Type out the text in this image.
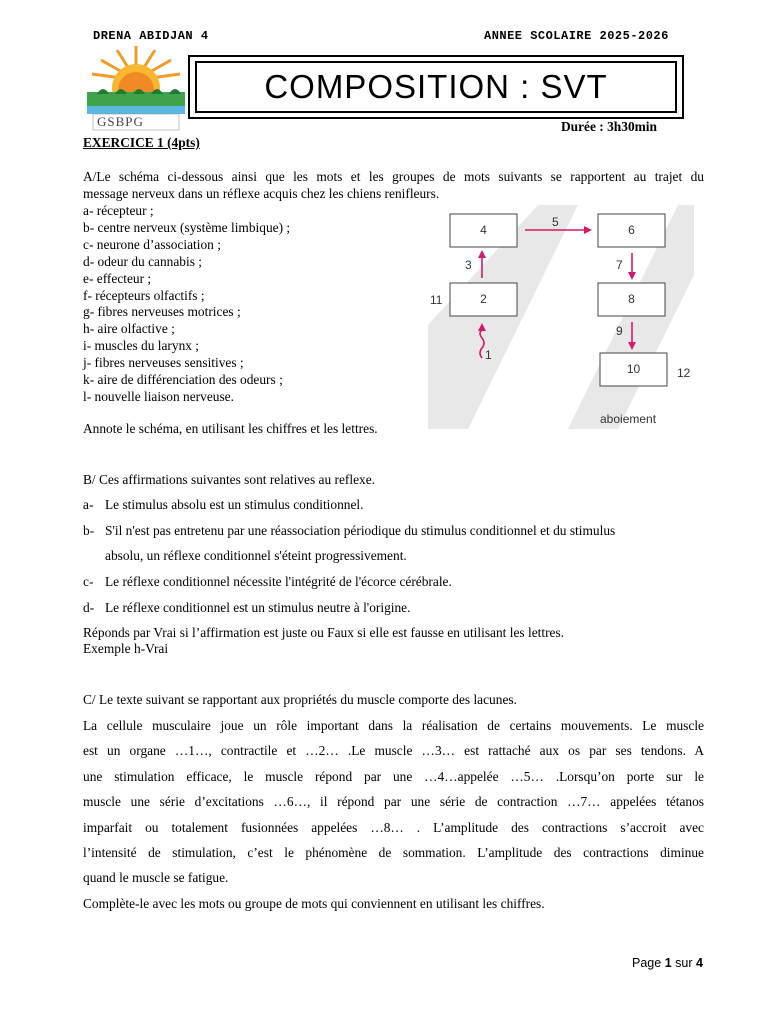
DRENA ABIDJAN 4	ANNEE SCOLAIRE 2025-2026
GSBPG
COMPOSITION : SVT
Durée : 3h30min
EXERCICE 1 (4pts)
A/Le schéma ci-dessous ainsi que les mots et les groupes de mots suivants se rapportent au trajet du
message nerveux dans un réflexe acquis chez les chiens renifleurs.
a- récepteur ;
b- centre nerveux (système limbique) ;
c- neurone d’association ;
d- odeur du cannabis ;
e- effecteur ;
f- récepteurs olfactifs ;
g- fibres nerveuses motrices ;
h- aire olfactive ;
i- muscles du larynx ;
j- fibres nerveuses sensitives ;
k- aire de différenciation des odeurs ;
l- nouvelle liaison nerveuse.
Annote le schéma, en utilisant les chiffres et les lettres.
4	6
2	8
10
5
3	7
9
1
11
12
aboiement
B/ Ces affirmations suivantes sont relatives au reflexe.
a- Le stimulus absolu est un stimulus conditionnel.
b- S'il n'est pas entretenu par une réassociation périodique du stimulus conditionnel et du stimulus
absolu, un réflexe conditionnel s'éteint progressivement.
c- Le réflexe conditionnel nécessite l'intégrité de l'écorce cérébrale.
d- Le réflexe conditionnel est un stimulus neutre à l'origine.
Réponds par Vrai si l’affirmation est juste ou Faux si elle est fausse en utilisant les lettres.
Exemple h-Vrai
C/ Le texte suivant se rapportant aux propriétés du muscle comporte des lacunes.
La cellule musculaire joue un rôle important dans la réalisation de certains mouvements. Le muscle
est un organe …1…, contractile et …2… .Le muscle …3… est rattaché aux os par ses tendons. A
une stimulation efficace, le muscle répond par une …4…appelée …5… .Lorsqu’on porte sur le
muscle une série d’excitations …6…, il répond par une série de contraction …7… appelées tétanos
imparfait ou totalement fusionnées appelées …8… . L’amplitude des contractions s’accroit avec
l’intensité de stimulation, c’est le phénomène de sommation. L’amplitude des contractions diminue
quand le muscle se fatigue.
Complète-le avec les mots ou groupe de mots qui conviennent en utilisant les chiffres.
Page 1 sur 4
